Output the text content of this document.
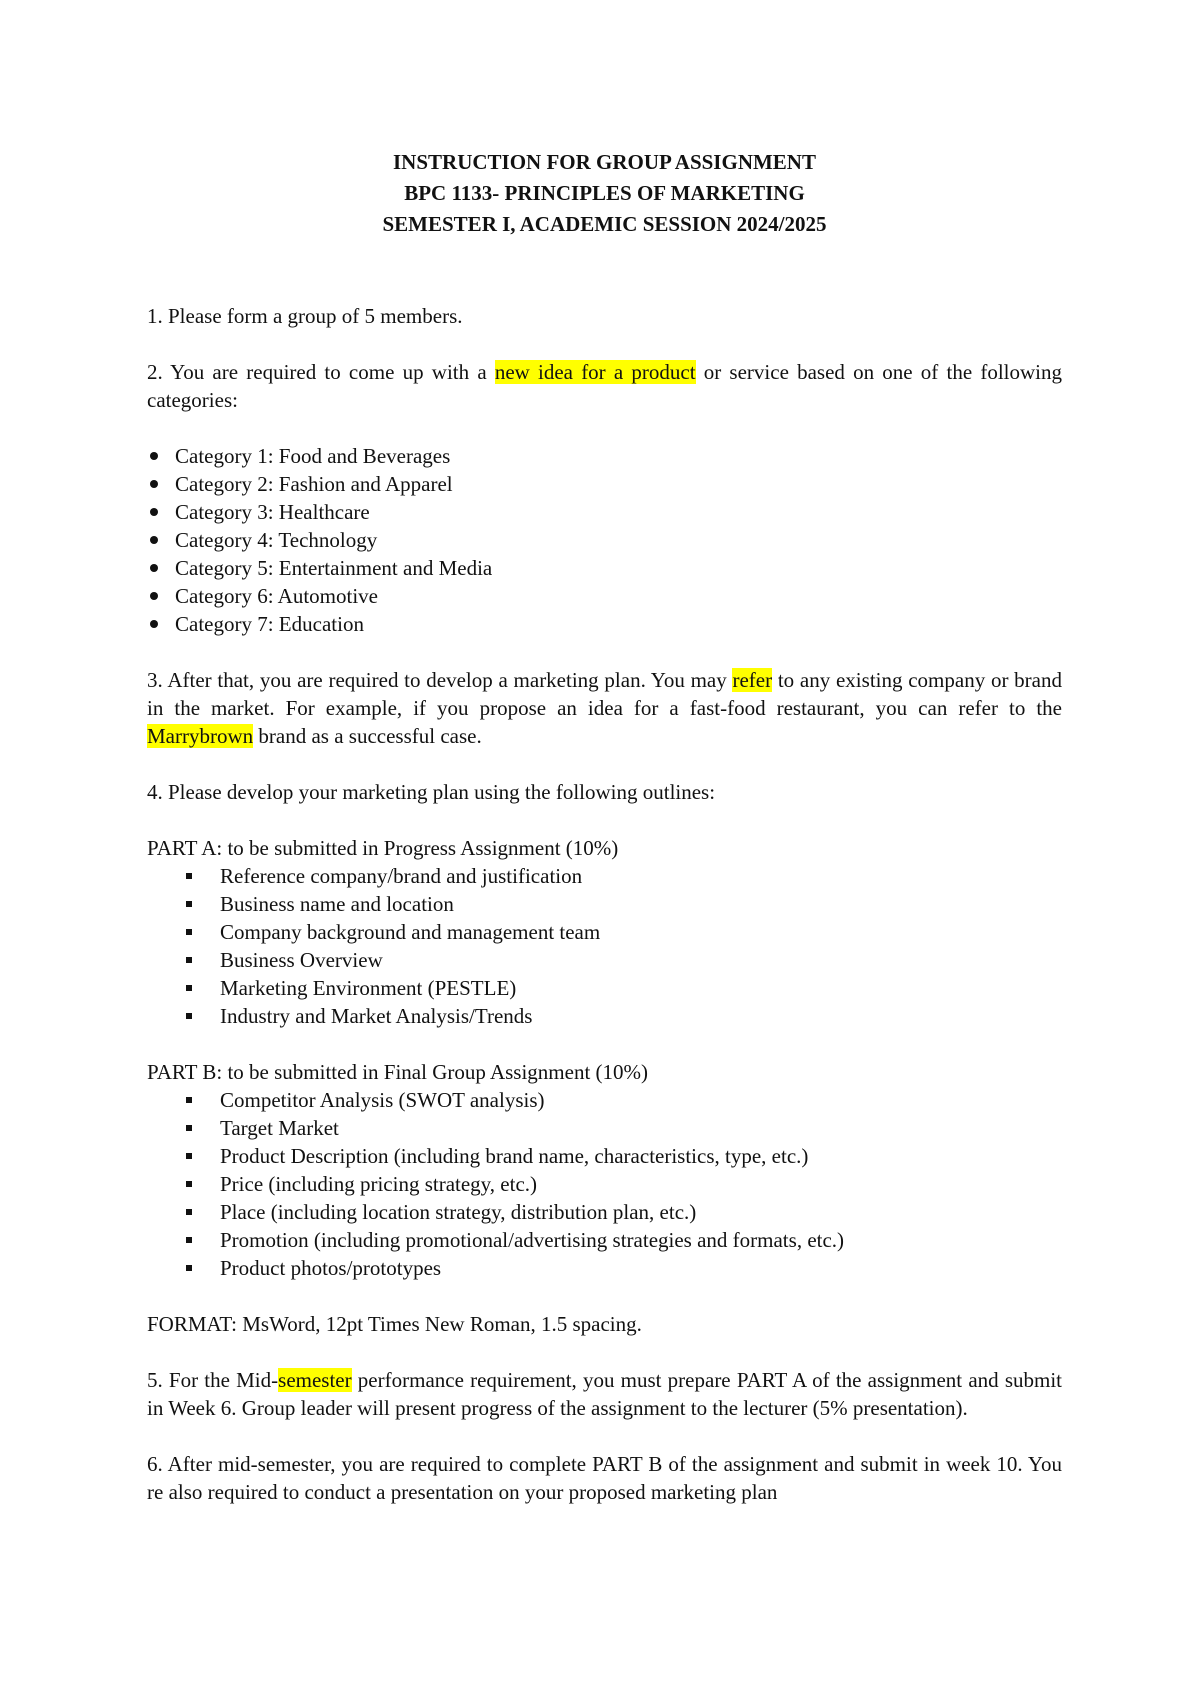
INSTRUCTION FOR GROUP ASSIGNMENT

BPC 1133- PRINCIPLES OF MARKETING

SEMESTER I, ACADEMIC SESSION 2024/2025

1. Please form a group of 5 members.

2. You are required to come up with a new idea for a product or service based on one of the following categories:

Category 1: Food and Beverages
Category 2: Fashion and Apparel
Category 3: Healthcare
Category 4: Technology
Category 5: Entertainment and Media
Category 6: Automotive
Category 7: Education

3. After that, you are required to develop a marketing plan. You may refer to any existing company or brand in the market. For example, if you propose an idea for a fast-food restaurant, you can refer to the Marrybrown brand as a successful case.

4. Please develop your marketing plan using the following outlines:

PART A: to be submitted in Progress Assignment (10%)

Reference company/brand and justification
Business name and location
Company background and management team
Business Overview
Marketing Environment (PESTLE)
Industry and Market Analysis/Trends

PART B: to be submitted in Final Group Assignment (10%)

Competitor Analysis (SWOT analysis)
Target Market
Product Description (including brand name, characteristics, type, etc.)
Price (including pricing strategy, etc.)
Place (including location strategy, distribution plan, etc.)
Promotion (including promotional/advertising strategies and formats, etc.)
Product photos/prototypes

FORMAT: MsWord, 12pt Times New Roman, 1.5 spacing.

5. For the Mid-semester performance requirement, you must prepare PART A of the assignment and submit in Week 6. Group leader will present progress of the assignment to the lecturer (5% presentation).

6. After mid-semester, you are required to complete PART B of the assignment and submit in week 10. You re also required to conduct a presentation on your proposed marketing plan
